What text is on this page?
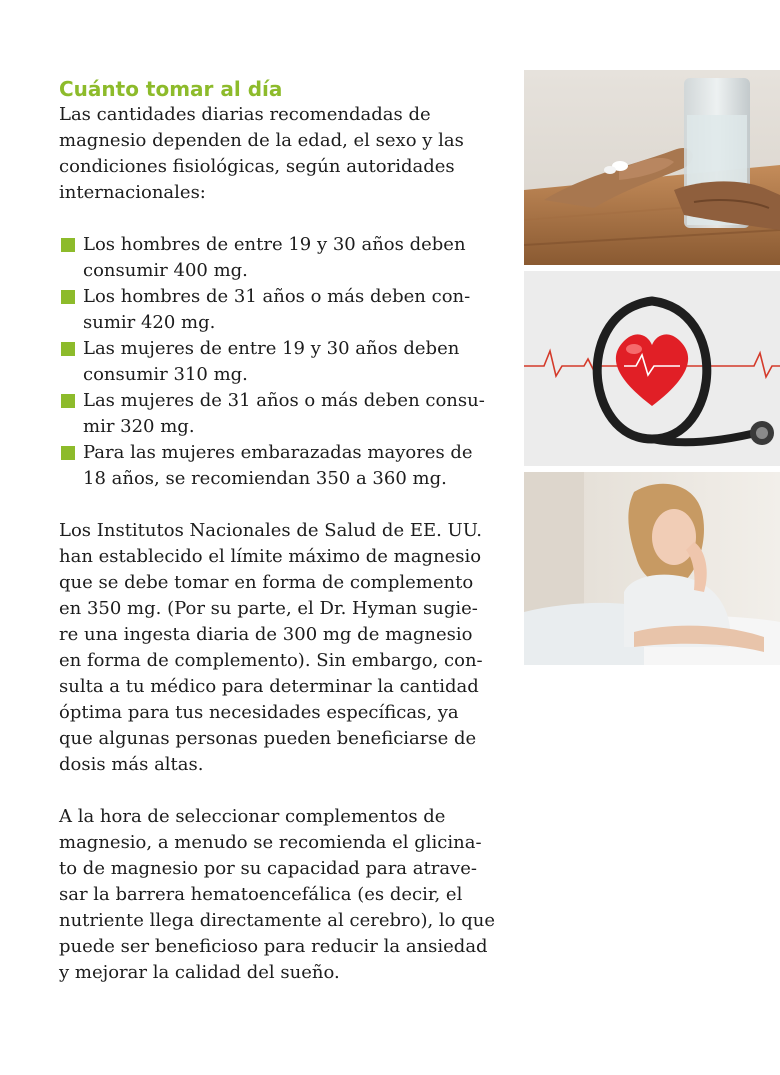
Cuánto tomar al día

Las cantidades diarias recomendadas de
magnesio dependen de la edad, el sexo y las
condiciones fisiológicas, según autoridades
internacionales:

Los hombres de entre 19 y 30 años deben
consumir 400 mg.
Los hombres de 31 años o más deben con-
sumir 420 mg.
Las mujeres de entre 19 y 30 años deben
consumir 310 mg.
Las mujeres de 31 años o más deben consu-
mir 320 mg.
Para las mujeres embarazadas mayores de
18 años, se recomiendan 350 a 360 mg.

Los Institutos Nacionales de Salud de EE. UU.
han establecido el límite máximo de magnesio
que se debe tomar en forma de complemento
en 350 mg. (Por su parte, el Dr. Hyman sugie-
re una ingesta diaria de 300 mg de magnesio
en forma de complemento). Sin embargo, con-
sulta a tu médico para determinar la cantidad
óptima para tus necesidades específicas, ya
que algunas personas pueden beneficiarse de
dosis más altas.

A la hora de seleccionar complementos de
magnesio, a menudo se recomienda el glicina-
to de magnesio por su capacidad para atrave-
sar la barrera hematoencefálica (es decir, el
nutriente llega directamente al cerebro), lo que
puede ser beneficioso para reducir la ansiedad
y mejorar la calidad del sueño.
